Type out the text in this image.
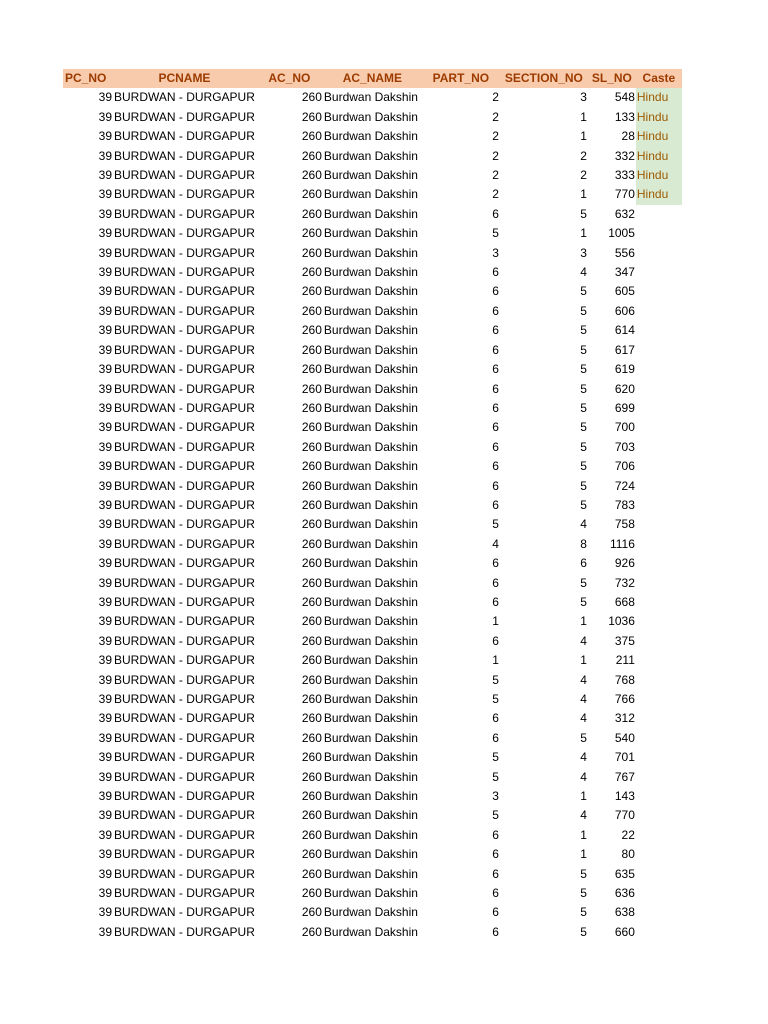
PC_NO	PCNAME	AC_NO	AC_NAME	PART_NO	SECTION_NO	SL_NO	Caste
39	BURDWAN - DURGAPUR	260	Burdwan Dakshin	2	3	548	Hindu
39	BURDWAN - DURGAPUR	260	Burdwan Dakshin	2	1	133	Hindu
39	BURDWAN - DURGAPUR	260	Burdwan Dakshin	2	1	28	Hindu
39	BURDWAN - DURGAPUR	260	Burdwan Dakshin	2	2	332	Hindu
39	BURDWAN - DURGAPUR	260	Burdwan Dakshin	2	2	333	Hindu
39	BURDWAN - DURGAPUR	260	Burdwan Dakshin	2	1	770	Hindu
39	BURDWAN - DURGAPUR	260	Burdwan Dakshin	6	5	632	
39	BURDWAN - DURGAPUR	260	Burdwan Dakshin	5	1	1005	
39	BURDWAN - DURGAPUR	260	Burdwan Dakshin	3	3	556	
39	BURDWAN - DURGAPUR	260	Burdwan Dakshin	6	4	347	
39	BURDWAN - DURGAPUR	260	Burdwan Dakshin	6	5	605	
39	BURDWAN - DURGAPUR	260	Burdwan Dakshin	6	5	606	
39	BURDWAN - DURGAPUR	260	Burdwan Dakshin	6	5	614	
39	BURDWAN - DURGAPUR	260	Burdwan Dakshin	6	5	617	
39	BURDWAN - DURGAPUR	260	Burdwan Dakshin	6	5	619	
39	BURDWAN - DURGAPUR	260	Burdwan Dakshin	6	5	620	
39	BURDWAN - DURGAPUR	260	Burdwan Dakshin	6	5	699	
39	BURDWAN - DURGAPUR	260	Burdwan Dakshin	6	5	700	
39	BURDWAN - DURGAPUR	260	Burdwan Dakshin	6	5	703	
39	BURDWAN - DURGAPUR	260	Burdwan Dakshin	6	5	706	
39	BURDWAN - DURGAPUR	260	Burdwan Dakshin	6	5	724	
39	BURDWAN - DURGAPUR	260	Burdwan Dakshin	6	5	783	
39	BURDWAN - DURGAPUR	260	Burdwan Dakshin	5	4	758	
39	BURDWAN - DURGAPUR	260	Burdwan Dakshin	4	8	1116	
39	BURDWAN - DURGAPUR	260	Burdwan Dakshin	6	6	926	
39	BURDWAN - DURGAPUR	260	Burdwan Dakshin	6	5	732	
39	BURDWAN - DURGAPUR	260	Burdwan Dakshin	6	5	668	
39	BURDWAN - DURGAPUR	260	Burdwan Dakshin	1	1	1036	
39	BURDWAN - DURGAPUR	260	Burdwan Dakshin	6	4	375	
39	BURDWAN - DURGAPUR	260	Burdwan Dakshin	1	1	211	
39	BURDWAN - DURGAPUR	260	Burdwan Dakshin	5	4	768	
39	BURDWAN - DURGAPUR	260	Burdwan Dakshin	5	4	766	
39	BURDWAN - DURGAPUR	260	Burdwan Dakshin	6	4	312	
39	BURDWAN - DURGAPUR	260	Burdwan Dakshin	6	5	540	
39	BURDWAN - DURGAPUR	260	Burdwan Dakshin	5	4	701	
39	BURDWAN - DURGAPUR	260	Burdwan Dakshin	5	4	767	
39	BURDWAN - DURGAPUR	260	Burdwan Dakshin	3	1	143	
39	BURDWAN - DURGAPUR	260	Burdwan Dakshin	5	4	770	
39	BURDWAN - DURGAPUR	260	Burdwan Dakshin	6	1	22	
39	BURDWAN - DURGAPUR	260	Burdwan Dakshin	6	1	80	
39	BURDWAN - DURGAPUR	260	Burdwan Dakshin	6	5	635	
39	BURDWAN - DURGAPUR	260	Burdwan Dakshin	6	5	636	
39	BURDWAN - DURGAPUR	260	Burdwan Dakshin	6	5	638	
39	BURDWAN - DURGAPUR	260	Burdwan Dakshin	6	5	660	
